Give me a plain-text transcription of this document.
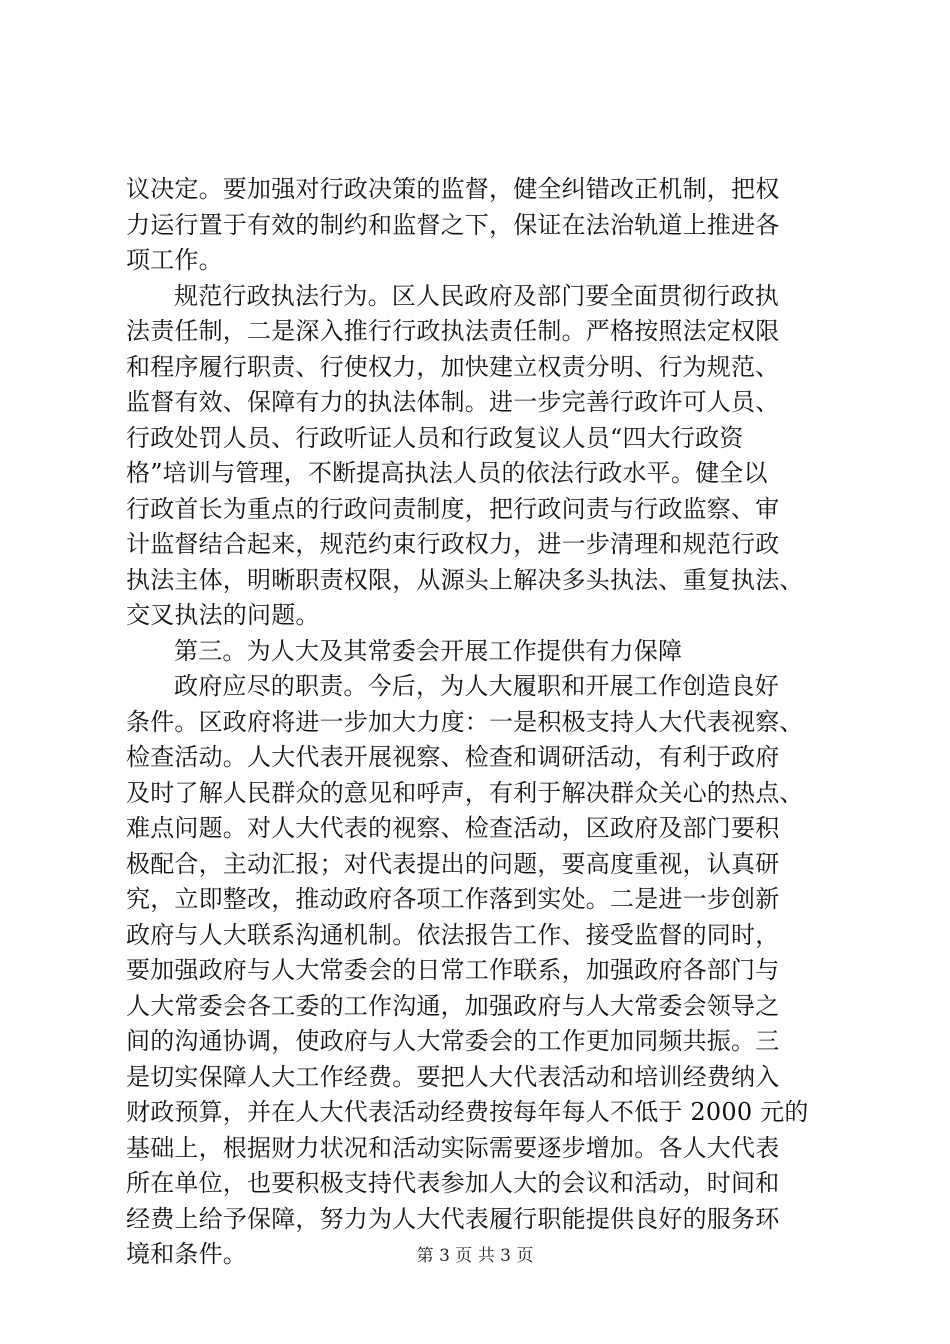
议决定。要加强对行政决策的监督，健全纠错改正机制，把权
力运行置于有效的制约和监督之下，保证在法治轨道上推进各
项工作。
规范行政执法行为。区人民政府及部门要全面贯彻行政执
法责任制，二是深入推行行政执法责任制。严格按照法定权限
和程序履行职责、行使权力，加快建立权责分明、行为规范、
监督有效、保障有力的执法体制。进一步完善行政许可人员、
行政处罚人员、行政听证人员和行政复议人员“四大行政资
格”培训与管理，不断提高执法人员的依法行政水平。健全以
行政首长为重点的行政问责制度，把行政问责与行政监察、审
计监督结合起来，规范约束行政权力，进一步清理和规范行政
执法主体，明晰职责权限，从源头上解决多头执法、重复执法、
交叉执法的问题。
第三。为人大及其常委会开展工作提供有力保障
政府应尽的职责。今后，为人大履职和开展工作创造良好
条件。区政府将进一步加大力度：一是积极支持人大代表视察、
检查活动。人大代表开展视察、检查和调研活动，有利于政府
及时了解人民群众的意见和呼声，有利于解决群众关心的热点、
难点问题。对人大代表的视察、检查活动，区政府及部门要积
极配合，主动汇报；对代表提出的问题，要高度重视，认真研
究，立即整改，推动政府各项工作落到实处。二是进一步创新
政府与人大联系沟通机制。依法报告工作、接受监督的同时，
要加强政府与人大常委会的日常工作联系，加强政府各部门与
人大常委会各工委的工作沟通，加强政府与人大常委会领导之
间的沟通协调，使政府与人大常委会的工作更加同频共振。三
是切实保障人大工作经费。要把人大代表活动和培训经费纳入
财政预算，并在人大代表活动经费按每年每人不低于 2000 元的
基础上，根据财力状况和活动实际需要逐步增加。各人大代表
所在单位，也要积极支持代表参加人大的会议和活动，时间和
经费上给予保障，努力为人大代表履行职能提供良好的服务环
境和条件。	第 3 页 共 3 页
